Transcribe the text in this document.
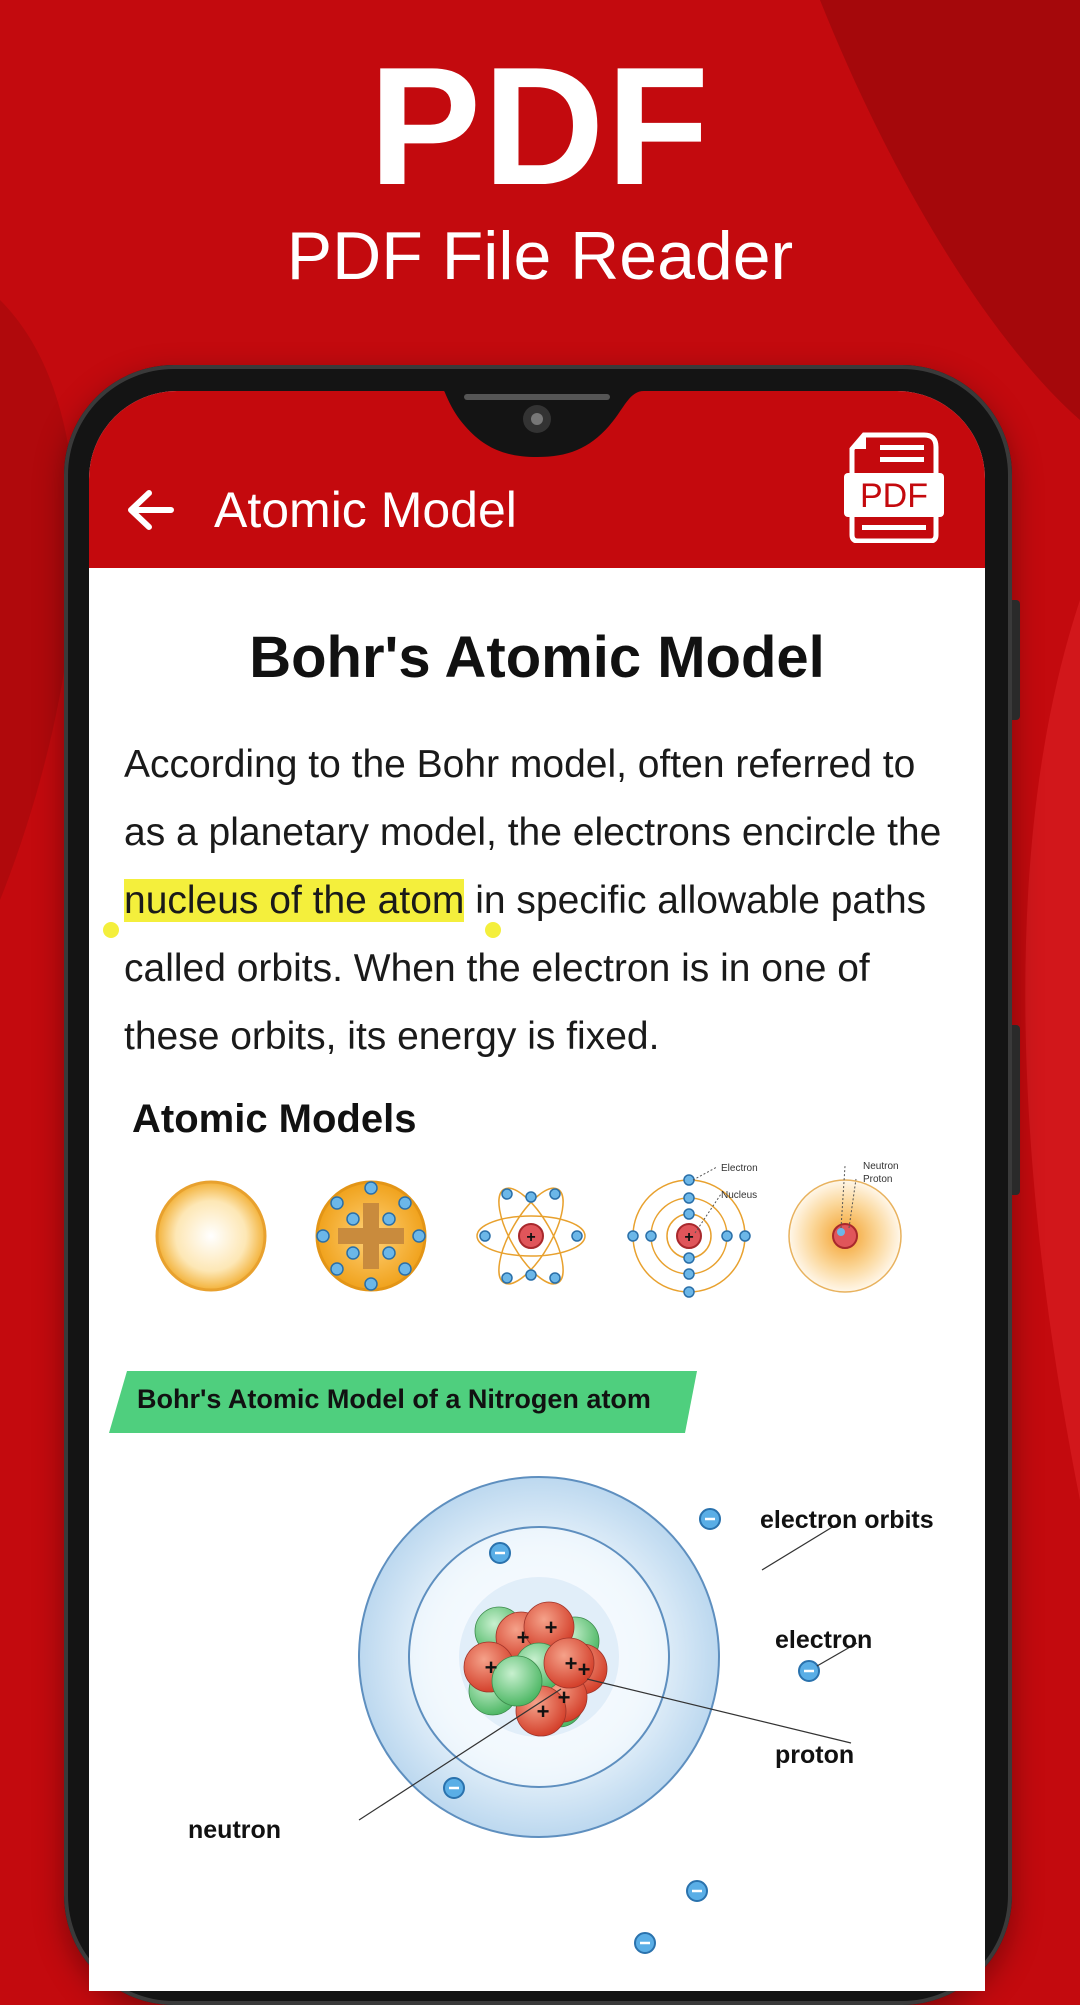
PDF
PDF File Reader
Atomic Model	PDF
Bohr's Atomic Model
According to the Bohr model, often referred to as a planetary model, the electrons encircle the nucleus of the atom in specific allowable paths called orbits. When the electron is in one of these orbits, its energy is fixed.
Atomic Models
+	+
Electron
Nucleus
Neutron
Proton
Bohr's Atomic Model of a Nitrogen atom
+ +
+
+
+	+
+
electron orbits
electron
proton
neutron
